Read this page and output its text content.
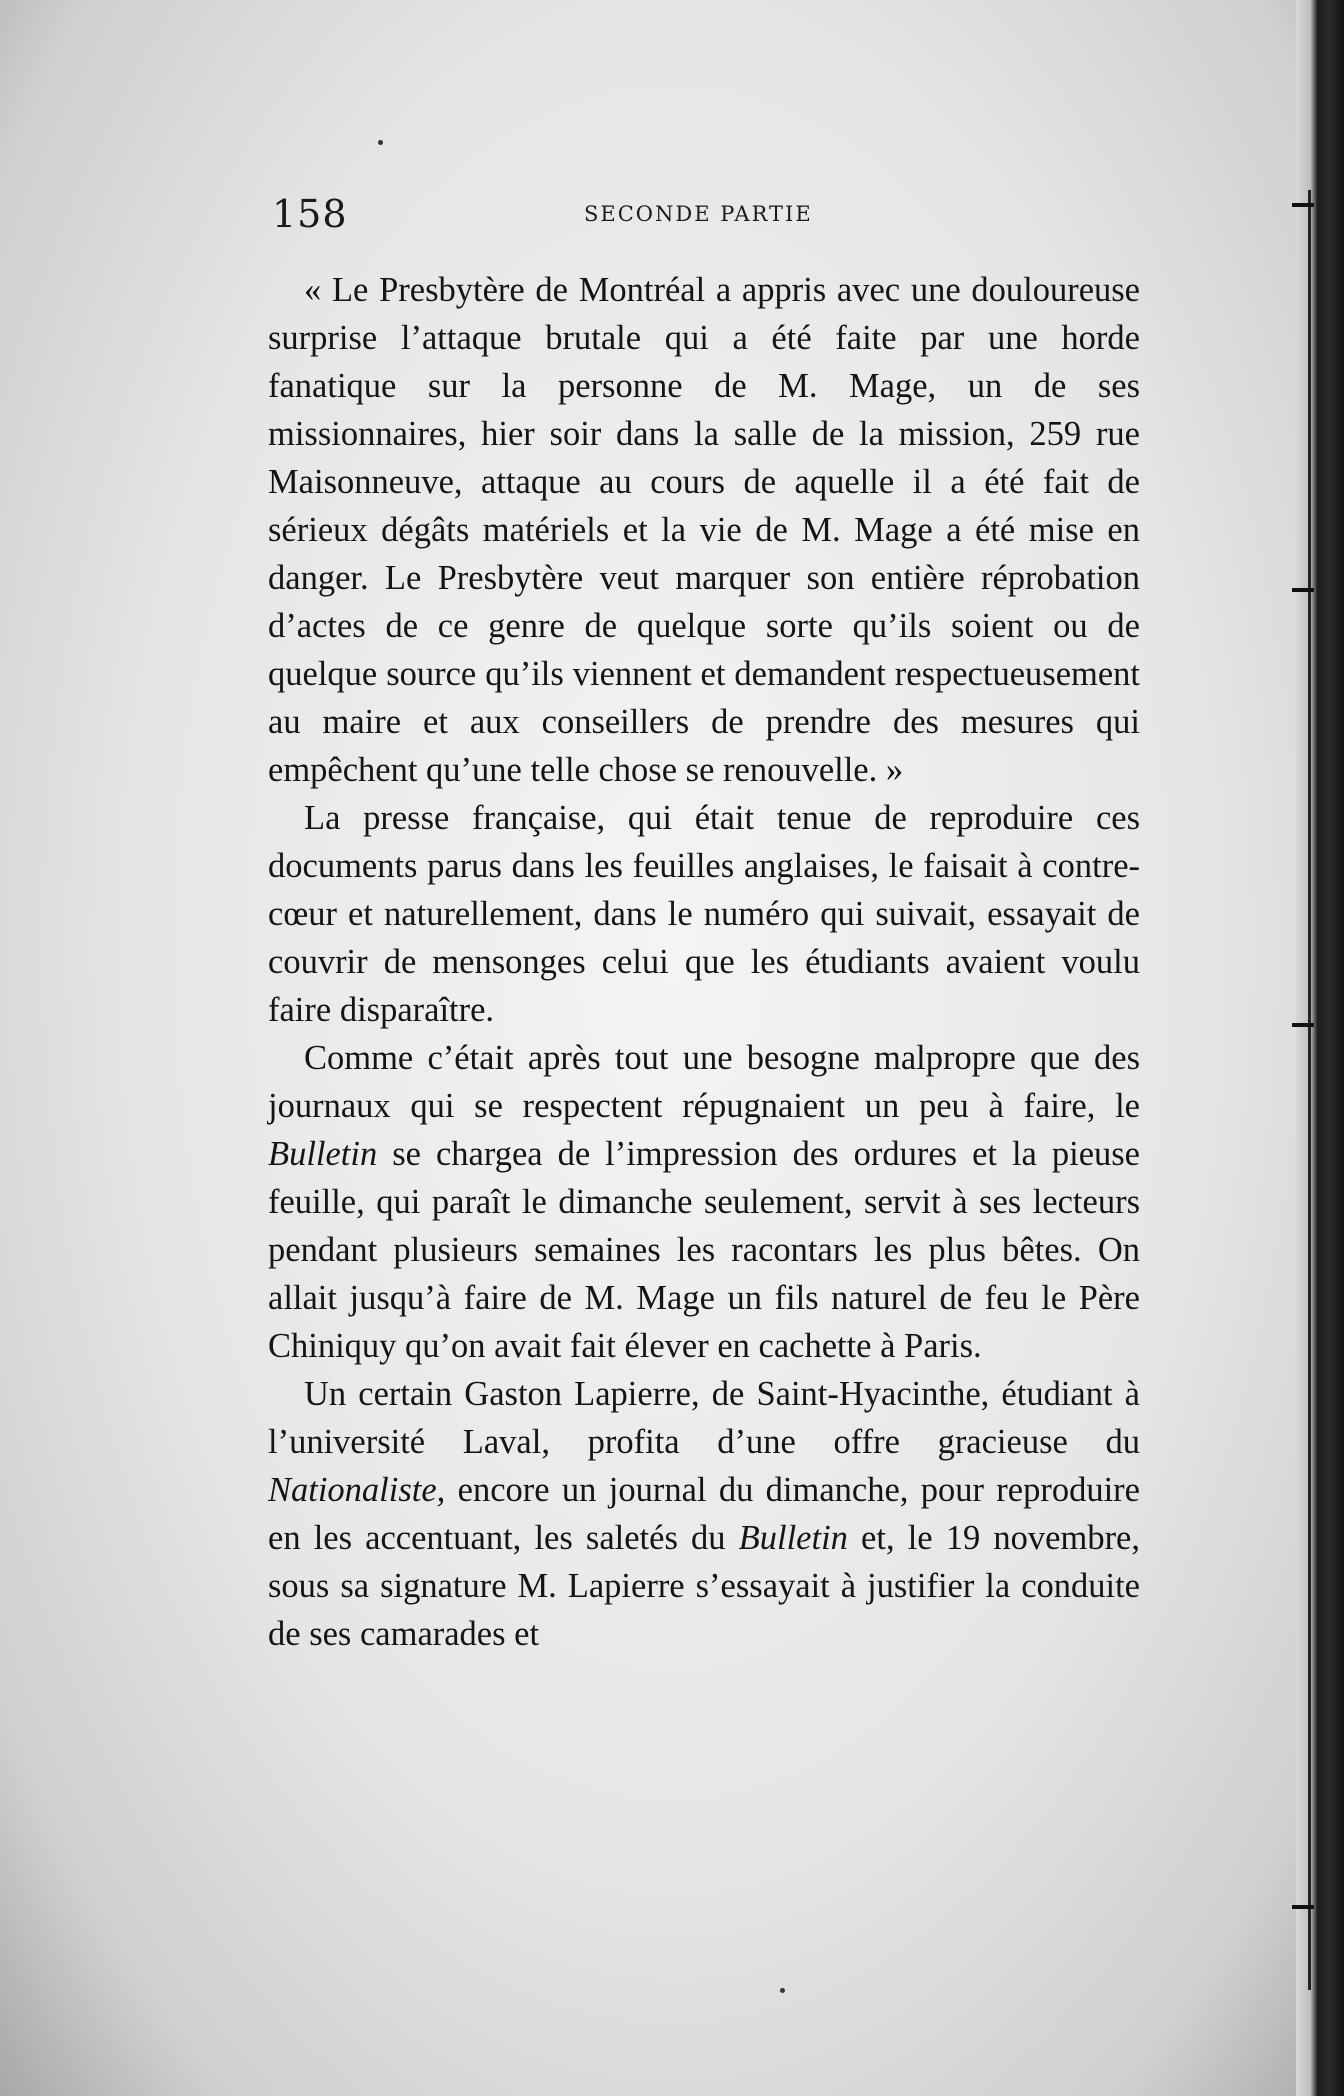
158	SECONDE PARTIE

« Le Presbytère de Montréal a appris avec une douloureuse surprise l’attaque brutale qui a été faite par une horde fanatique sur la personne de M. Mage, un de ses missionnaires, hier soir dans la salle de la mission, 259 rue Maisonneuve, attaque au cours de aquelle il a été fait de sérieux dégâts matériels et la vie de M. Mage a été mise en danger. Le Presbytère veut marquer son entière réprobation d’actes de ce genre de quelque sorte qu’ils soient ou de quelque source qu’ils viennent et demandent respectueusement au maire et aux conseillers de prendre des mesures qui empêchent qu’une telle chose se renouvelle. »

La presse française, qui était tenue de reproduire ces documents parus dans les feuilles anglaises, le faisait à contre-cœur et naturellement, dans le numéro qui suivait, essayait de couvrir de mensonges celui que les étudiants avaient voulu faire disparaître.

Comme c’était après tout une besogne malpropre que des journaux qui se respectent répugnaient un peu à faire, le Bulletin se chargea de l’impression des ordures et la pieuse feuille, qui paraît le dimanche seulement, servit à ses lecteurs pendant plusieurs semaines les racontars les plus bêtes. On allait jusqu’à faire de M. Mage un fils naturel de feu le Père Chiniquy qu’on avait fait élever en cachette à Paris.

Un certain Gaston Lapierre, de Saint-Hyacinthe, étudiant à l’université Laval, profita d’une offre gracieuse du Nationaliste, encore un journal du dimanche, pour reproduire en les accentuant, les saletés du Bulletin et, le 19 novembre, sous sa signature M. Lapierre s’essayait à justifier la conduite de ses camarades et
